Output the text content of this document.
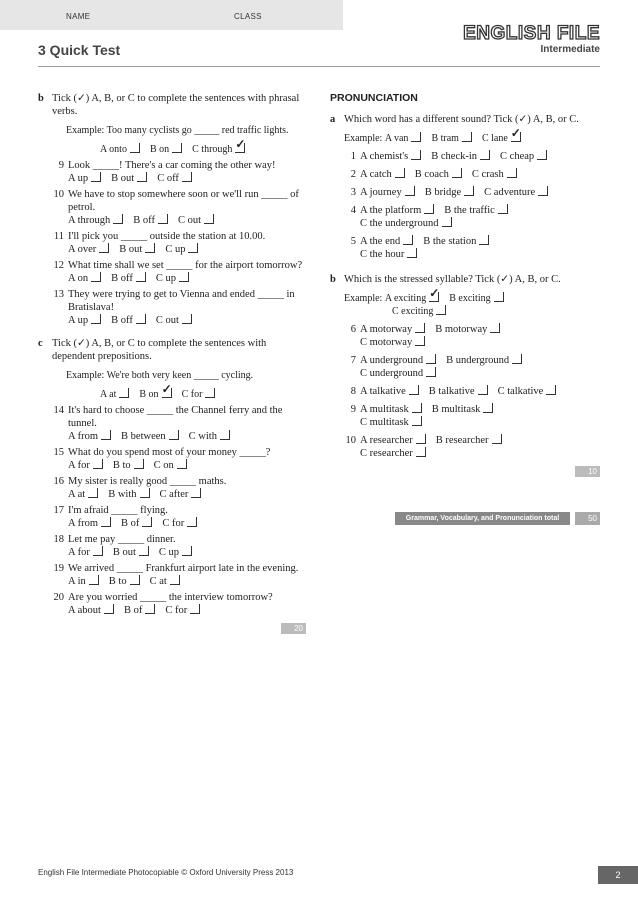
NAME	CLASS
3 Quick Test
ENGLISH FILE
Intermediate
b Tick (✓) A, B, or C to complete the sentences with phrasal verbs.
Example: Too many cyclists go _____ red traffic lights.
A onto B on C through✓
9 Look _____! There's a car coming the other way!
A up B out C off
10 We have to stop somewhere soon or we'll run _____ of petrol.
A through B off C out
11 I'll pick you _____ outside the station at 10.00.
A over B out C up
12 What time shall we set _____ for the airport tomorrow?
A on B off C up
13 They were trying to get to Vienna and ended _____ in Bratislava!
A up B off C out
c Tick (✓) A, B, or C to complete the sentences with dependent prepositions.
Example: We're both very keen _____ cycling.
A at B on ✓ C for
14 It's hard to choose _____ the Channel ferry and the tunnel.
A from B between C with
15 What do you spend most of your money _____?
A for B to C on
16 My sister is really good _____ maths.
A at B with C after
17 I'm afraid _____ flying.
A from B of C for
18 Let me pay _____ dinner.
A for B out C up
19 We arrived _____ Frankfurt airport late in the evening.
A in B to C at
20 Are you worried _____ the interview tomorrow?
A about B of C for
20
PRONUNCIATION
a Which word has a different sound? Tick (✓) A, B, or C.
Example: A van B tram C lane✓
1 A chemist's B check-in C cheap
2 A catch B coach C crash
3 A journey B bridge C adventure
4 A the platform B the traffic
C the underground
5 A the end B the station
C the hour
b Which is the stressed syllable? Tick (✓) A, B, or C.
Example: A exciting ✓ B exciting
C exciting
6 A motorway B motorway
C motorway
7 A underground B underground
C underground
8 A talkative B talkative C talkative
9 A multitask B multitask
C multitask
10 A researcher B researcher
C researcher
10
Grammar, Vocabulary, and Pronunciation total	50
English File Intermediate Photocopiable © Oxford University Press 2013	2
